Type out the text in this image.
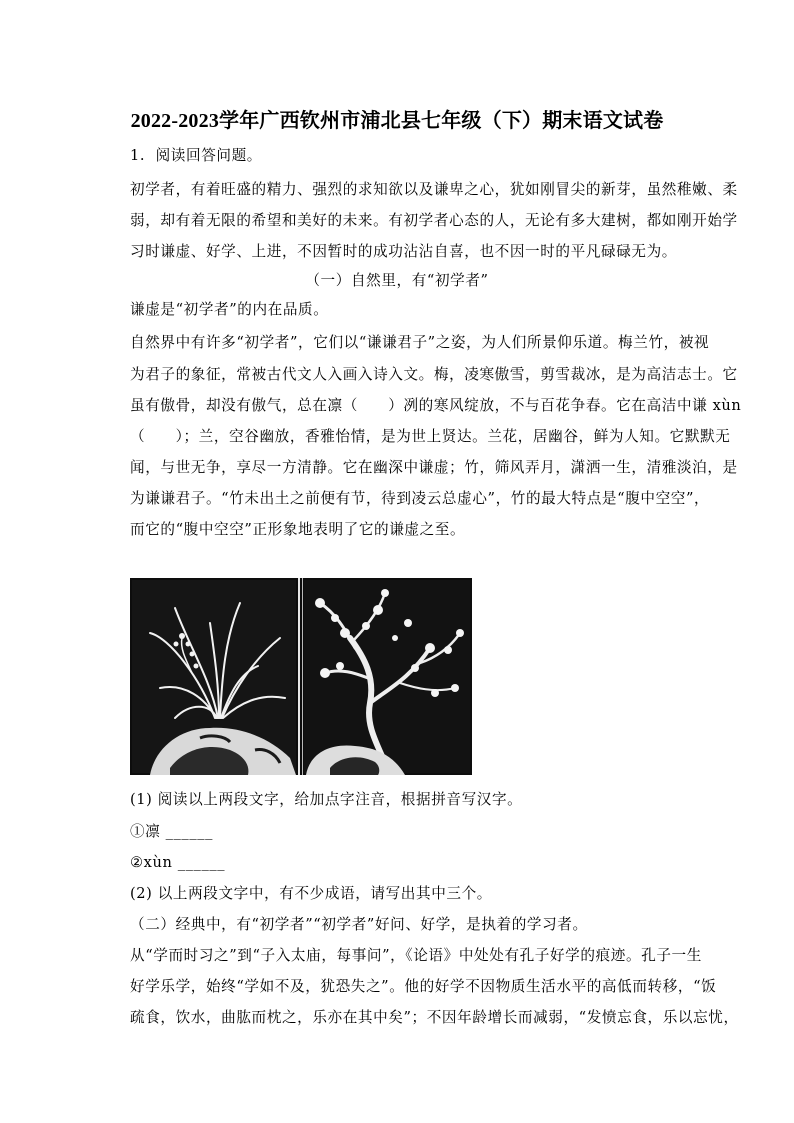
2022-2023学年广西钦州市浦北县七年级（下）期末语文试卷
1. 阅读回答问题。
初学者，有着旺盛的精力、强烈的求知欲以及谦卑之心，犹如刚冒尖的新芽，虽然稚嫩、柔
弱，却有着无限的希望和美好的未来。有初学者心态的人，无论有多大建树，都如刚开始学
习时谦虚、好学、上进，不因暂时的成功沾沾自喜，也不因一时的平凡碌碌无为。
（一）自然里，有“初学者”
谦虚是“初学者”的内在品质。
自然界中有许多“初学者”，它们以“谦谦君子”之姿，为人们所景仰乐道。梅兰竹，被视
为君子的象征，常被古代文人入画入诗入文。梅，凌寒傲雪，剪雪裁冰，是为高洁志士。它
虽有傲骨，却没有傲气，总在凛（　　）冽的寒风绽放，不与百花争春。它在高洁中谦 xùn
（　　）；兰，空谷幽放，香雅怡情，是为世上贤达。兰花，居幽谷，鲜为人知。它默默无
闻，与世无争，享尽一方清静。它在幽深中谦虚；竹，筛风弄月，潇洒一生，清雅淡泊，是
为谦谦君子。“竹未出土之前便有节，待到凌云总虚心”，竹的最大特点是“腹中空空”，
而它的“腹中空空”正形象地表明了它的谦虚之至。
(1) 阅读以上两段文字，给加点字注音，根据拼音写汉字。
①凛 ______
②xùn ______
(2) 以上两段文字中，有不少成语，请写出其中三个。
（二）经典中，有“初学者”“初学者”好问、好学，是执着的学习者。
从“学而时习之”到“子入太庙，每事问”，《论语》中处处有孔子好学的痕迹。孔子一生
好学乐学，始终“学如不及，犹恐失之”。他的好学不因物质生活水平的高低而转移，“饭
疏食，饮水，曲肱而枕之，乐亦在其中矣”；不因年龄增长而减弱，“发愤忘食，乐以忘忧，
